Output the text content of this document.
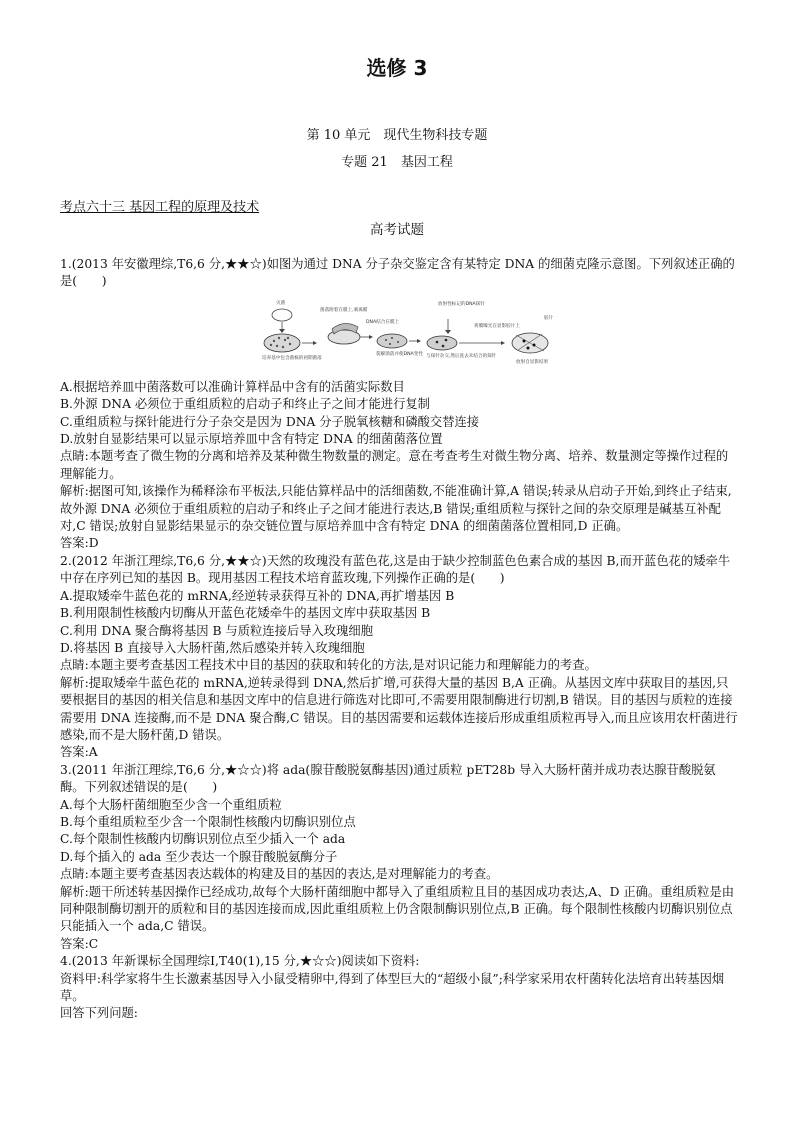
选修 3
第 10 单元　现代生物科技专题
专题 21　基因工程
考点六十三 基因工程的原理及技术
高考试题

1.(2013 年安徽理综,T6,6 分,★★☆)如图为通过 DNA 分子杂交鉴定含有某特定 DNA 的细菌克隆示意图。下列叙述正确的是(　　)

灭菌
培养基中包含菌核的初期菌落
菌落附着在膜上,剥离膜
DNA结合在膜上
裂解菌落并使DNA变性
放射性标记的DNA探针
与探针杂交,然后洗去未结合的探针
将膜曝光在显影胶片上
胶片
放射自显影结果

A.根据培养皿中菌落数可以准确计算样品中含有的活菌实际数目

B.外源 DNA 必须位于重组质粒的启动子和终止子之间才能进行复制

C.重组质粒与探针能进行分子杂交是因为 DNA 分子脱氧核糖和磷酸交替连接

D.放射自显影结果可以显示原培养皿中含有特定 DNA 的细菌菌落位置

点睛:本题考查了微生物的分离和培养及某种微生物数量的测定。意在考查考生对微生物分离、培养、数量测定等操作过程的理解能力。

解析:据图可知,该操作为稀释涂布平板法,只能估算样品中的活细菌数,不能准确计算,A 错误;转录从启动子开始,到终止子结束,故外源 DNA 必须位于重组质粒的启动子和终止子之间才能进行表达,B 错误;重组质粒与探针之间的杂交原理是碱基互补配对,C 错误;放射自显影结果显示的杂交链位置与原培养皿中含有特定 DNA 的细菌菌落位置相同,D 正确。

答案:D

2.(2012 年浙江理综,T6,6 分,★★☆)天然的玫瑰没有蓝色花,这是由于缺少控制蓝色色素合成的基因 B,而开蓝色花的矮牵牛中存在序列已知的基因 B。现用基因工程技术培育蓝玫瑰,下列操作正确的是(　　)

A.提取矮牵牛蓝色花的 mRNA,经逆转录获得互补的 DNA,再扩增基因 B

B.利用限制性核酸内切酶从开蓝色花矮牵牛的基因文库中获取基因 B

C.利用 DNA 聚合酶将基因 B 与质粒连接后导入玫瑰细胞

D.将基因 B 直接导入大肠杆菌,然后感染并转入玫瑰细胞

点睛:本题主要考查基因工程技术中目的基因的获取和转化的方法,是对识记能力和理解能力的考查。

解析:提取矮牵牛蓝色花的 mRNA,逆转录得到 DNA,然后扩增,可获得大量的基因 B,A 正确。从基因文库中获取目的基因,只要根据目的基因的相关信息和基因文库中的信息进行筛选对比即可,不需要用限制酶进行切割,B 错误。目的基因与质粒的连接需要用 DNA 连接酶,而不是 DNA 聚合酶,C 错误。目的基因需要和运载体连接后形成重组质粒再导入,而且应该用农杆菌进行感染,而不是大肠杆菌,D 错误。

答案:A

3.(2011 年浙江理综,T6,6 分,★☆☆)将 ada(腺苷酸脱氨酶基因)通过质粒 pET28b 导入大肠杆菌并成功表达腺苷酸脱氨酶。下列叙述错误的是(　　)

A.每个大肠杆菌细胞至少含一个重组质粒

B.每个重组质粒至少含一个限制性核酸内切酶识别位点

C.每个限制性核酸内切酶识别位点至少插入一个 ada

D.每个插入的 ada 至少表达一个腺苷酸脱氨酶分子

点睛:本题主要考查基因表达载体的构建及目的基因的表达,是对理解能力的考查。

解析:题干所述转基因操作已经成功,故每个大肠杆菌细胞中都导入了重组质粒且目的基因成功表达,A、D 正确。重组质粒是由同种限制酶切割开的质粒和目的基因连接而成,因此重组质粒上仍含限制酶识别位点,B 正确。每个限制性核酸内切酶识别位点只能插入一个 ada,C 错误。

答案:C

4.(2013 年新课标全国理综Ⅰ,T40(1),15 分,★☆☆)阅读如下资料:

资料甲:科学家将牛生长激素基因导入小鼠受精卵中,得到了体型巨大的“超级小鼠”;科学家采用农杆菌转化法培育出转基因烟草。

回答下列问题:
